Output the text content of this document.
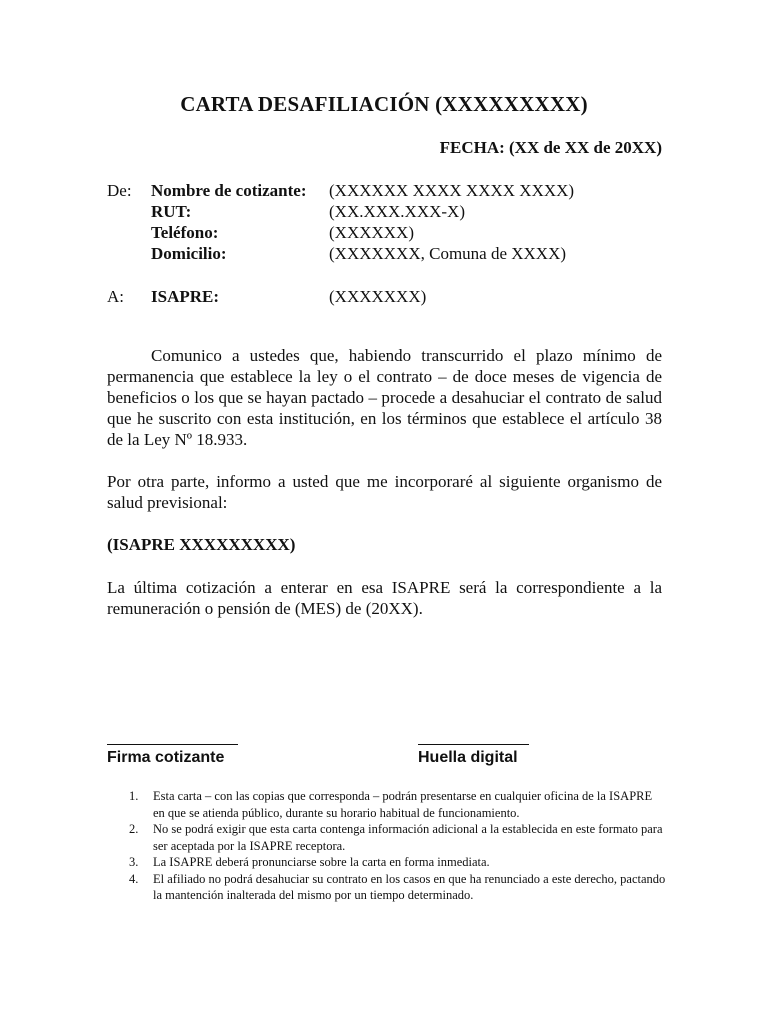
CARTA DESAFILIACIÓN (XXXXXXXXX)
FECHA: (XX de XX de 20XX)
De: Nombre de cotizante: (XXXXXX XXXX XXXX XXXX)
RUT:	(XX.XXX.XXX-X)
Teléfono:	(XXXXXX)
Domicilio:	(XXXXXXX, Comuna de XXXX)
A: ISAPRE:	(XXXXXXX)
Comunico a ustedes que, habiendo transcurrido el plazo mínimo de permanencia que establece la ley o el contrato – de doce meses de vigencia de beneficios o los que se hayan pactado – procede a desahuciar el contrato de salud que he suscrito con esta institución, en los términos que establece el artículo 38 de la Ley Nº 18.933.
Por otra parte, informo a usted que me incorporaré al siguiente organismo de salud previsional:
(ISAPRE XXXXXXXXX)
La última cotización a enterar en esa ISAPRE será la correspondiente a la remuneración o pensión de (MES) de (20XX).
Firma cotizante	Huella digital
1. Esta carta – con las copias que corresponda – podrán presentarse en cualquier oficina de la ISAPRE en que se atienda público, durante su horario habitual de funcionamiento.
2. No se podrá exigir que esta carta contenga información adicional a la establecida en este formato para ser aceptada por la ISAPRE receptora.
3. La ISAPRE deberá pronunciarse sobre la carta en forma inmediata.
4. El afiliado no podrá desahuciar su contrato en los casos en que ha renunciado a este derecho, pactando la mantención inalterada del mismo por un tiempo determinado.
